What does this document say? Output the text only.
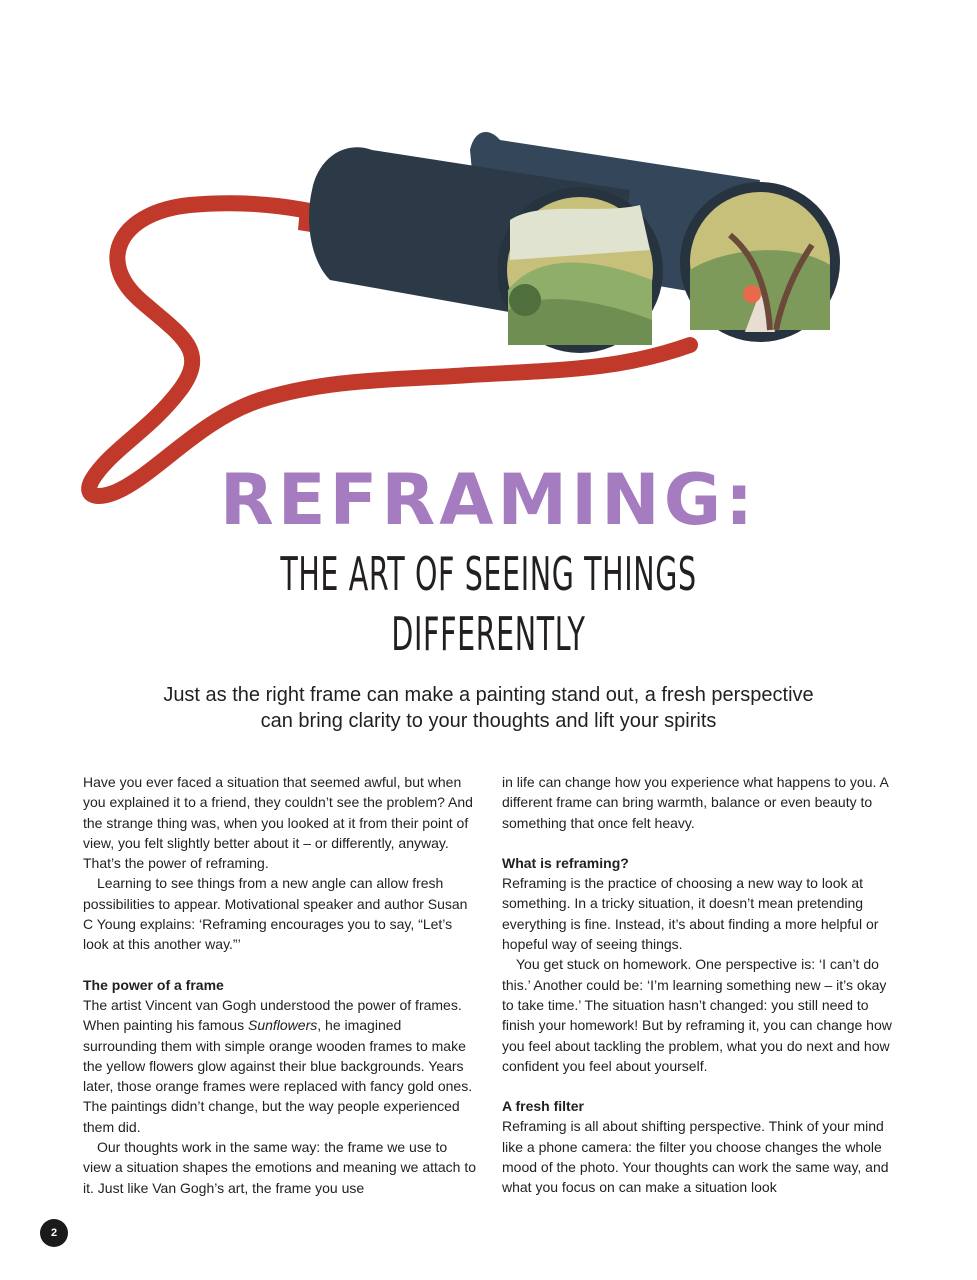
REFRAMING:
THE ART OF SEEING THINGS
DIFFERENTLY

Just as the right frame can make a painting stand out, a fresh perspective
can bring clarity to your thoughts and lift your spirits

Have you ever faced a situation that seemed awful, but when you explained it to a friend, they couldn’t see the problem? And the strange thing was, when you looked at it from their point of view, you felt slightly better about it – or differently, anyway. That’s the power of reframing.

Learning to see things from a new angle can allow fresh possibilities to appear. Motivational speaker and author Susan C Young explains: ‘Reframing encourages you to say, “Let’s look at this another way.”’

The power of a frame

The artist Vincent van Gogh understood the power of frames. When painting his famous Sunflowers, he imagined surrounding them with simple orange wooden frames to make the yellow flowers glow against their blue backgrounds. Years later, those orange frames were replaced with fancy gold ones. The paintings didn’t change, but the way people experienced them did.

Our thoughts work in the same way: the frame we use to view a situation shapes the emotions and meaning we attach to it. Just like Van Gogh’s art, the frame you use

in life can change how you experience what happens to you. A different frame can bring warmth, balance or even beauty to something that once felt heavy.

What is reframing?

Reframing is the practice of choosing a new way to look at something. In a tricky situation, it doesn’t mean pretending everything is fine. Instead, it’s about finding a more helpful or hopeful way of seeing things.

You get stuck on homework. One perspective is: ‘I can’t do this.’ Another could be: ‘I’m learning something new – it’s okay to take time.’ The situation hasn’t changed: you still need to finish your homework! But by reframing it, you can change how you feel about tackling the problem, what you do next and how confident you feel about yourself.

A fresh filter

Reframing is all about shifting perspective. Think of your mind like a phone camera: the filter you choose changes the whole mood of the photo. Your thoughts can work the same way, and what you focus on can make a situation look

2
